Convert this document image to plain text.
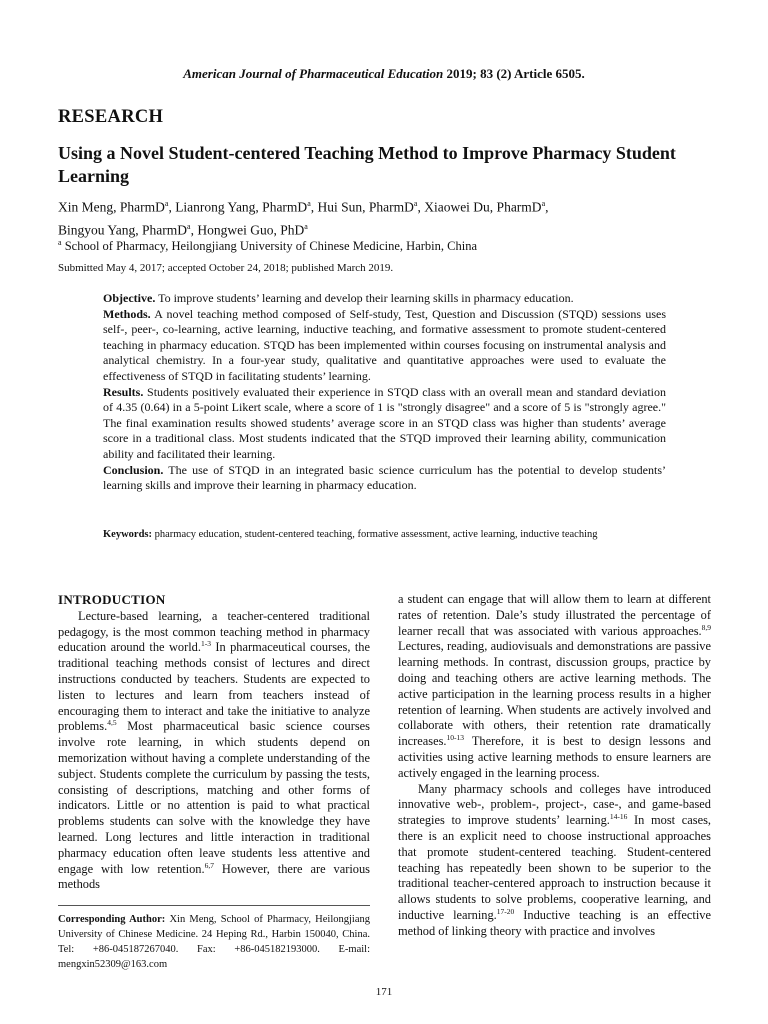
American Journal of Pharmaceutical Education 2019; 83 (2) Article 6505.
RESEARCH
Using a Novel Student-centered Teaching Method to Improve Pharmacy Student Learning
Xin Meng, PharmD$^a$, Lianrong Yang, PharmD$^a$, Hui Sun, PharmD$^a$, Xiaowei Du, PharmD$^a$,
Bingyou Yang, PharmD$^a$, Hongwei Guo, PhD$^a$
$^a$ School of Pharmacy, Heilongjiang University of Chinese Medicine, Harbin, China
Submitted May 4, 2017; accepted October 24, 2018; published March 2019.

Objective. To improve students’ learning and develop their learning skills in pharmacy education.

Methods. A novel teaching method composed of Self-study, Test, Question and Discussion (STQD) sessions uses self-, peer-, co-learning, active learning, inductive teaching, and formative assessment to promote student-centered teaching in pharmacy education. STQD has been implemented within courses focusing on instrumental analysis and analytical chemistry. In a four-year study, qualitative and quantitative approaches were used to evaluate the effectiveness of STQD in facilitating students’ learning.

Results. Students positively evaluated their experience in STQD class with an overall mean and standard deviation of 4.35 (0.64) in a 5-point Likert scale, where a score of 1 is "strongly disagree" and a score of 5 is "strongly agree." The final examination results showed students’ average score in an STQD class was higher than students’ average score in a traditional class. Most students indicated that the STQD improved their learning ability, communication ability and facilitated their learning.

Conclusion. The use of STQD in an integrated basic science curriculum has the potential to develop students’ learning skills and improve their learning in pharmacy education.

Keywords: pharmacy education, student-centered teaching, formative assessment, active learning, inductive teaching
INTRODUCTION

Lecture-based learning, a teacher-centered traditional pedagogy, is the most common teaching method in pharmacy education around the world.$^{1-3}$ In pharmaceutical courses, the traditional teaching methods consist of lectures and direct instructions conducted by teachers. Students are expected to listen to lectures and learn from teachers instead of encouraging them to interact and take the initiative to analyze problems.$^{4,5}$ Most pharmaceutical basic science courses involve rote learning, in which students depend on memorization without having a complete understanding of the subject. Students complete the curriculum by passing the tests, consisting of descriptions, matching and other forms of indicators. Little or no attention is paid to what practical problems students can solve with the knowledge they have learned. Long lectures and little interaction in traditional pharmacy education often leave students less attentive and engage with low retention.$^{6,7}$ However, there are various methods

a student can engage that will allow them to learn at different rates of retention. Dale’s study illustrated the percentage of learner recall that was associated with various approaches.$^{8,9}$ Lectures, reading, audiovisuals and demonstrations are passive learning methods. In contrast, discussion groups, practice by doing and teaching others are active learning methods. The active participation in the learning process results in a higher retention of learning. When students are actively involved and collaborate with others, their retention rate dramatically increases.$^{10-13}$ Therefore, it is best to design lessons and activities using active learning methods to ensure learners are actively engaged in the learning process.

Many pharmacy schools and colleges have introduced innovative web-, problem-, project-, case-, and game-based strategies to improve students’ learning.$^{14-16}$ In most cases, there is an explicit need to choose instructional approaches that promote student-centered teaching. Student-centered teaching has repeatedly been shown to be superior to the traditional teacher-centered approach to instruction because it allows students to solve problems, cooperative learning, and inductive learning.$^{17-20}$ Inductive teaching is an effective method of linking theory with practice and involves

Corresponding Author: Xin Meng, School of Pharmacy, Heilongjiang University of Chinese Medicine. 24 Heping Rd., Harbin 150040, China. Tel: +86-045187267040. Fax: +86-045182193000. E-mail: mengxin52309@163.com
171
